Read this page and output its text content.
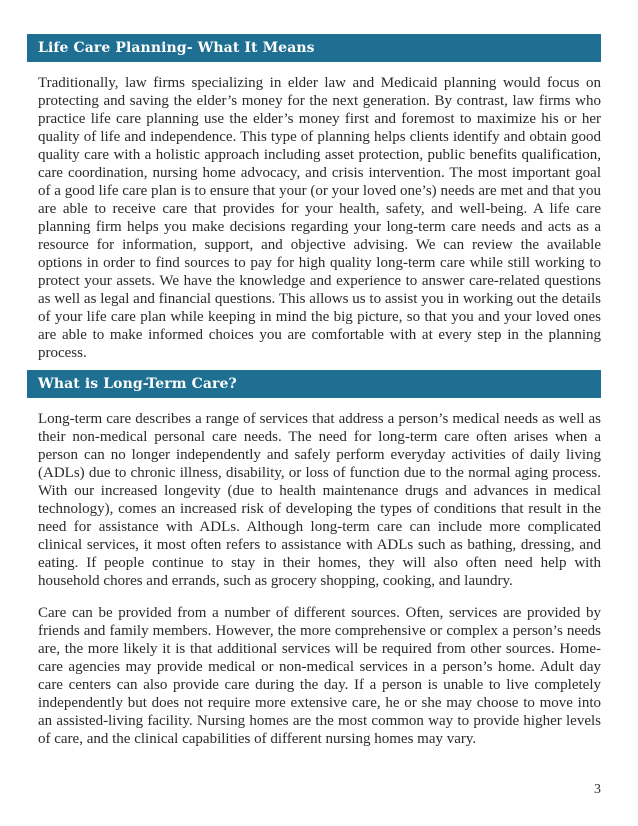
Life Care Planning- What It Means

Traditionally, law firms specializing in elder law and Medicaid planning would focus on protecting and saving the elder’s money for the next generation. By contrast, law firms who practice life care planning use the elder’s money first and foremost to maximize his or her quality of life and independence. This type of planning helps clients identify and obtain good quality care with a holistic approach including asset protection, public benefits qualification, care coordination, nursing home advocacy, and crisis intervention. The most important goal of a good life care plan is to ensure that your (or your loved one’s) needs are met and that you are able to receive care that provides for your health, safety, and well-being. A life care planning firm helps you make decisions regarding your long-term care needs and acts as a resource for information, support, and objective advising. We can review the available options in order to find sources to pay for high quality long-term care while still working to protect your assets. We have the knowledge and experience to answer care-related questions as well as legal and financial questions. This allows us to assist you in working out the details of your life care plan while keeping in mind the big picture, so that you and your loved ones are able to make informed choices you are comfortable with at every step in the planning process.

What is Long-Term Care?

Long-term care describes a range of services that address a person’s medical needs as well as their non-medical personal care needs. The need for long-term care often arises when a person can no longer independently and safely perform everyday activities of daily living (ADLs) due to chronic illness, disability, or loss of function due to the normal aging process. With our increased longevity (due to health maintenance drugs and advances in medical technology), comes an increased risk of developing the types of conditions that result in the need for assistance with ADLs. Although long-term care can include more complicated clinical services, it most often refers to assistance with ADLs such as bathing, dressing, and eating. If people continue to stay in their homes, they will also often need help with household chores and errands, such as grocery shopping, cooking, and laundry.

Care can be provided from a number of different sources. Often, services are provided by friends and family members. However, the more comprehensive or complex a person’s needs are, the more likely it is that additional services will be required from other sources. Home-care agencies may provide medical or non-medical services in a person’s home. Adult day care centers can also provide care during the day. If a person is unable to live completely independently but does not require more extensive care, he or she may choose to move into an assisted-living facility. Nursing homes are the most common way to provide higher levels of care, and the clinical capabilities of different nursing homes may vary.

3
